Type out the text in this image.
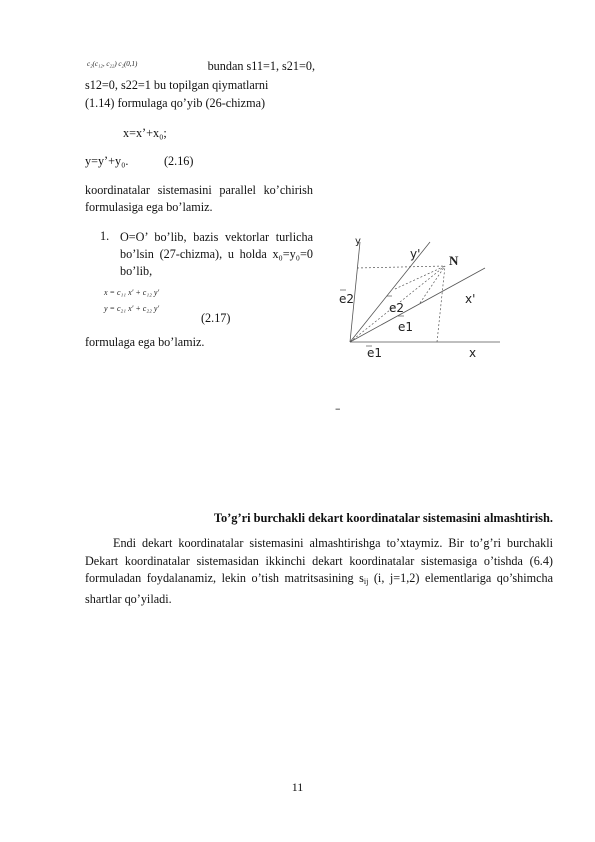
c₂(c₁₂, c₂₂) c₂(0,1)	bundan s11=1, s21=0,
s12=0, s22=1 bu topilgan qiymatlarni
(1.14) formulaga qo’yib (26-chizma)
x=x’+x₀;
y=y’+y₀.	(2.16)
koordinatalar sistemasini parallel ko’chirish formulasiga ega bo’lamiz.
1. O=O’ bo’lib, bazis vektorlar turlicha bo’lsin (27-chizma), u holda x₀=y₀=0 bo’lib,
x = c₁₁ x′ + c₁₂ y′
y = c₂₁ x′ + c₂₂ y′
(2.17)
formulaga ega bo’lamiz.
y
y' N
e2
e2
x'
e1
e1	x
–
To’g’ri burchakli dekart koordinatalar sistemasini almashtirish.
Endi dekart koordinatalar sistemasini almashtirishga to’xtaymiz. Bir to’g’ri burchakli Dekart koordinatalar sistemasidan ikkinchi dekart koordinatalar sistemasiga o’tishda (6.4) formuladan foydalanamiz, lekin o’tish matritsasining $s_{ij}$ (i, j=1,2) elementlariga qo’shimcha shartlar qo’yiladi.
11
